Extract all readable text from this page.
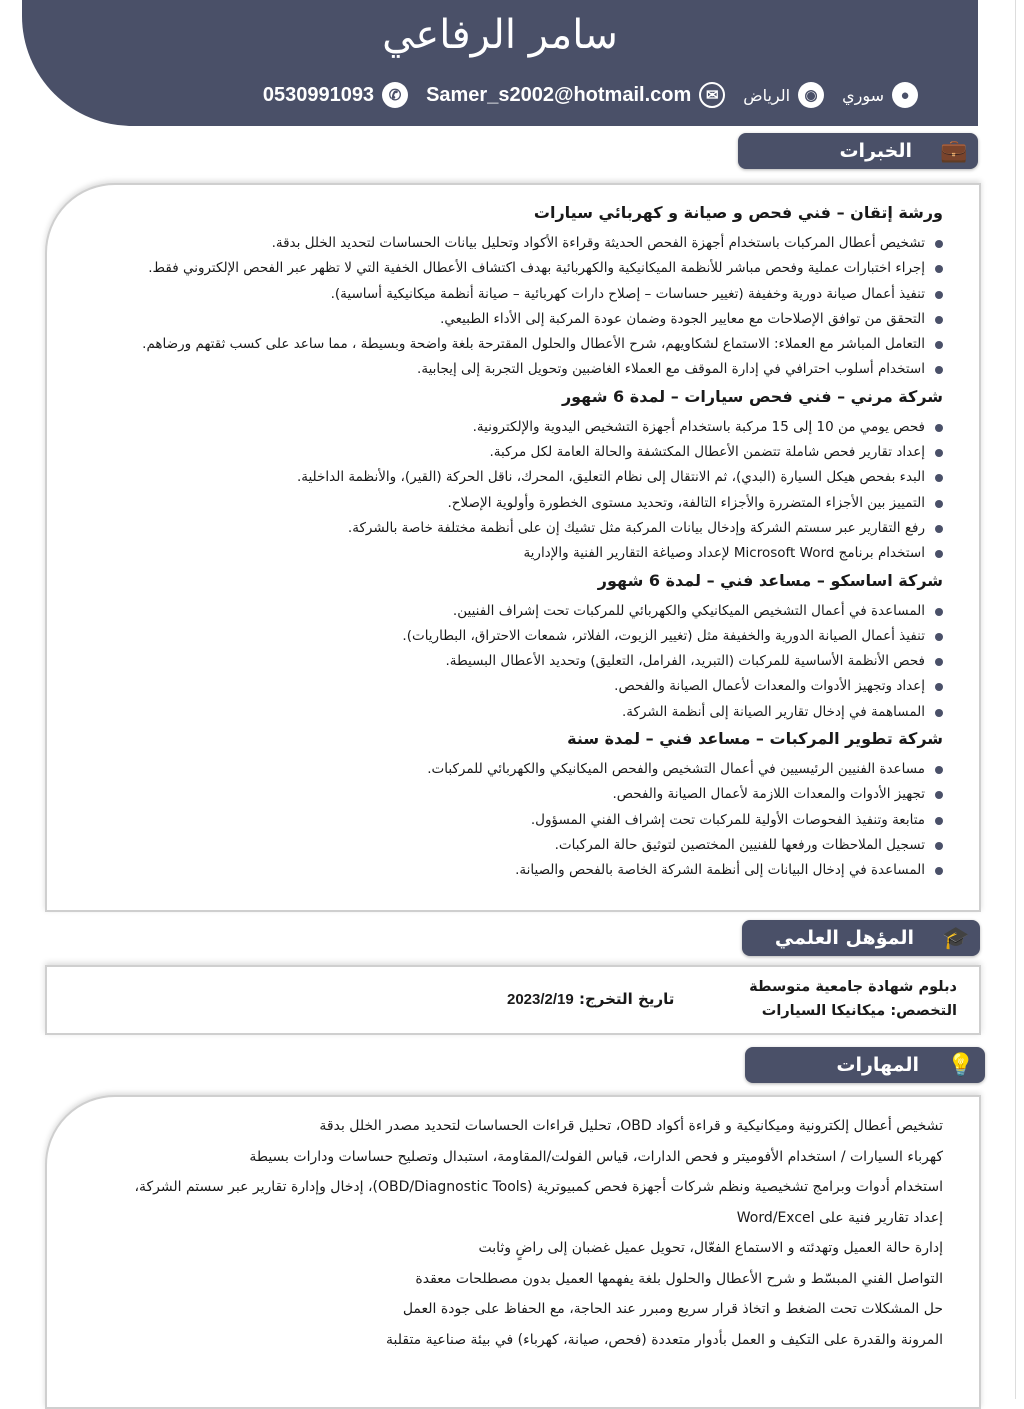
سامر الرفاعي
●
سوري
◉
الرياض
✉
Samer_s2002@hotmail.com
✆
0530991093
💼
الخبرات
ورشة إتقان – فني فحص و صيانة و كهربائي سيارات
تشخيص أعطال المركبات باستخدام أجهزة الفحص الحديثة وقراءة الأكواد وتحليل بيانات الحساسات لتحديد الخلل بدقة.
إجراء اختبارات عملية وفحص مباشر للأنظمة الميكانيكية والكهربائية بهدف اكتشاف الأعطال الخفية التي لا تظهر عبر الفحص الإلكتروني فقط.
تنفيذ أعمال صيانة دورية وخفيفة (تغيير حساسات – إصلاح دارات كهربائية – صيانة أنظمة ميكانيكية أساسية).
التحقق من توافق الإصلاحات مع معايير الجودة وضمان عودة المركبة إلى الأداء الطبيعي.
التعامل المباشر مع العملاء: الاستماع لشكاويهم، شرح الأعطال والحلول المقترحة بلغة واضحة وبسيطة ، مما ساعد على كسب ثقتهم ورضاهم.
استخدام أسلوب احترافي في إدارة الموقف مع العملاء الغاضبين وتحويل التجربة إلى إيجابية.
شركة مرني – فني فحص سيارات – لمدة 6 شهور
فحص يومي من 10 إلى 15 مركبة باستخدام أجهزة التشخيص اليدوية والإلكترونية.
إعداد تقارير فحص شاملة تتضمن الأعطال المكتشفة والحالة العامة لكل مركبة.
البدء بفحص هيكل السيارة (البدي)، ثم الانتقال إلى نظام التعليق، المحرك، ناقل الحركة (القير)، والأنظمة الداخلية.
التمييز بين الأجزاء المتضررة والأجزاء التالفة، وتحديد مستوى الخطورة وأولوية الإصلاح.
رفع التقارير عبر سستم الشركة وإدخال بيانات المركبة مثل تشيك إن على أنظمة مختلفة خاصة بالشركة.
استخدام برنامج Microsoft Word لإعداد وصياغة التقارير الفنية والإدارية
شركة اساسكو – مساعد فني – لمدة 6 شهور
المساعدة في أعمال التشخيص الميكانيكي والكهربائي للمركبات تحت إشراف الفنيين.
تنفيذ أعمال الصيانة الدورية والخفيفة مثل (تغيير الزيوت، الفلاتر، شمعات الاحتراق، البطاريات).
فحص الأنظمة الأساسية للمركبات (التبريد، الفرامل، التعليق) وتحديد الأعطال البسيطة.
إعداد وتجهيز الأدوات والمعدات لأعمال الصيانة والفحص.
المساهمة في إدخال تقارير الصيانة إلى أنظمة الشركة.
شركة تطوير المركبات – مساعد فني – لمدة سنة
مساعدة الفنيين الرئيسيين في أعمال التشخيص والفحص الميكانيكي والكهربائي للمركبات.
تجهيز الأدوات والمعدات اللازمة لأعمال الصيانة والفحص.
متابعة وتنفيذ الفحوصات الأولية للمركبات تحت إشراف الفني المسؤول.
تسجيل الملاحظات ورفعها للفنيين المختصين لتوثيق حالة المركبات.
المساعدة في إدخال البيانات إلى أنظمة الشركة الخاصة بالفحص والصيانة.
🎓
المؤهل العلمي
دبلوم شهادة جامعية متوسطة
التخصص: ميكانيكا السيارات
تاريخ التخرج: 2023/2/19
💡
المهارات
تشخيص أعطال إلكترونية وميكانيكية و قراءة أكواد OBD، تحليل قراءات الحساسات لتحديد مصدر الخلل بدقة
كهرباء السيارات / استخدام الأفوميتر و فحص الدارات، قياس الفولت/المقاومة، استبدال وتصليح حساسات ودارات بسيطة
استخدام أدوات وبرامج تشخيصية ونظم شركات أجهزة فحص كمبيوترية (OBD/Diagnostic Tools)، إدخال وإدارة تقارير عبر سستم الشركة،
إعداد تقارير فنية على Word/Excel
إدارة حالة العميل وتهدئته و الاستماع الفعّال، تحويل عميل غضبان إلى راضٍ وثابت
التواصل الفني المبسّط و شرح الأعطال والحلول بلغة يفهمها العميل بدون مصطلحات معقدة
حل المشكلات تحت الضغط و اتخاذ قرار سريع ومبرر عند الحاجة، مع الحفاظ على جودة العمل
المرونة والقدرة على التكيف و العمل بأدوار متعددة (فحص، صيانة، كهرباء) في بيئة صناعية متقلبة
